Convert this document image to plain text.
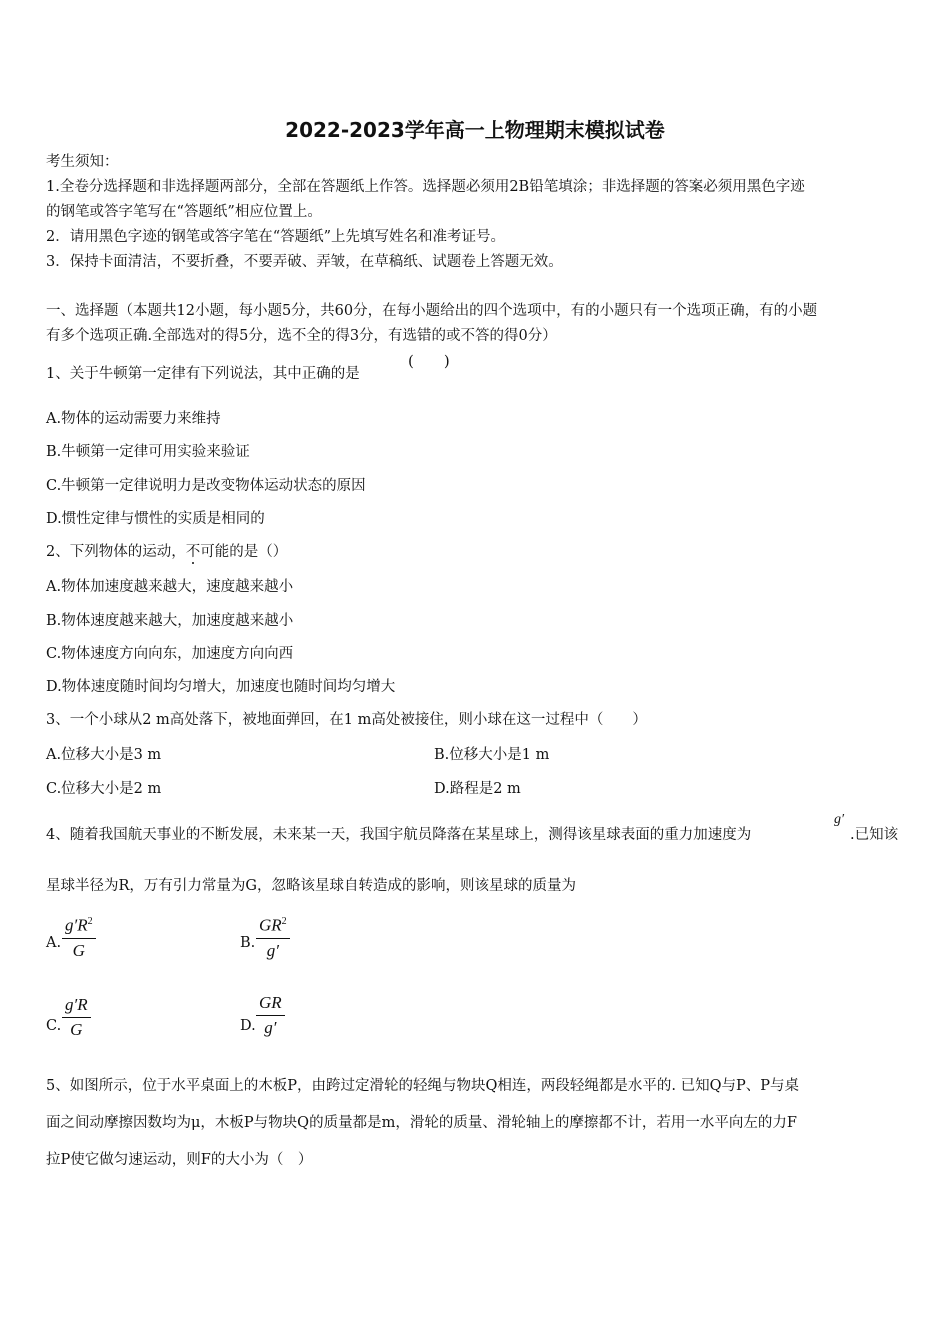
2022-2023学年高一上物理期末模拟试卷
考生须知：
1.全卷分选择题和非选择题两部分，全部在答题纸上作答。选择题必须用2B铅笔填涂；非选择题的答案必须用黑色字迹
的钢笔或答字笔写在“答题纸”相应位置上。
2．请用黑色字迹的钢笔或答字笔在“答题纸”上先填写姓名和准考证号。
3．保持卡面清洁，不要折叠，不要弄破、弄皱，在草稿纸、试题卷上答题无效。
一、选择题（本题共12小题，每小题5分，共60分，在每小题给出的四个选项中，有的小题只有一个选项正确，有的小题
有多个选项正确.全部选对的得5分，选不全的得3分，有选错的或不答的得0分）
1、关于牛顿第一定律有下列说法，其中正确的是
(　　)
A.物体的运动需要力来维持
B.牛顿第一定律可用实验来验证
C.牛顿第一定律说明力是改变物体运动状态的原因
D.惯性定律与惯性的实质是相同的
2、下列物体的运动，不可能的是（）
A.物体加速度越来越大，速度越来越小
B.物体速度越来越大，加速度越来越小
C.物体速度方向向东，加速度方向向西
D.物体速度随时间均匀增大，加速度也随时间均匀增大
3、一个小球从2 m高处落下，被地面弹回，在1 m高处被接住，则小球在这一过程中（　　）
A.位移大小是3 m	B.位移大小是1 m
C.位移大小是2 m	D.路程是2 m
4、随着我国航天事业的不断发展，未来某一天，我国宇航员降落在某星球上，测得该星球表面的重力加速度为
g′
.已知该
星球半径为R，万有引力常量为G，忽略该星球自转造成的影响，则该星球的质量为
A. $\frac{g'R^2}{G}$	B. $\frac{GR^2}{g'}$
C. $\frac{g'R}{G}$	D. $\frac{GR}{g'}$
5、如图所示，位于水平桌面上的木板P，由跨过定滑轮的轻绳与物块Q相连，两段轻绳都是水平的. 已知Q与P、P与桌
面之间动摩擦因数均为μ，木板P与物块Q的质量都是m，滑轮的质量、滑轮轴上的摩擦都不计，若用一水平向左的力F
拉P使它做匀速运动，则F的大小为（　）
